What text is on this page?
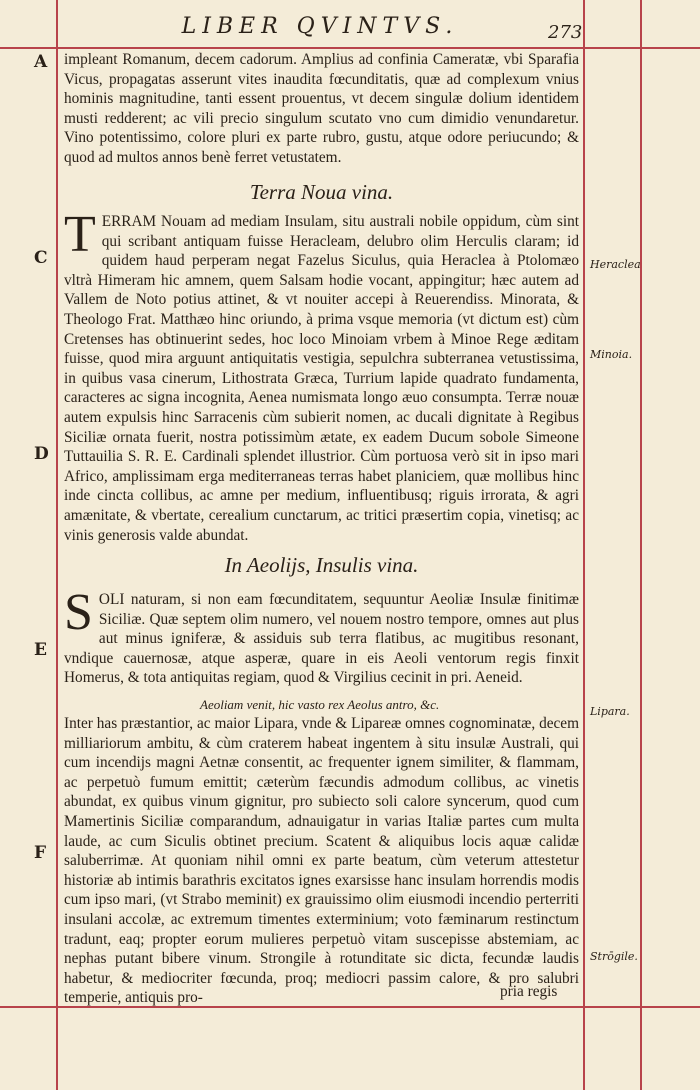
LIBER QVINTVS.	273
A
C
D
E
F
Heraclea
Minoia.
Lipara.
Strōgile.
impleant Romanum, decem cadorum. Amplius ad confinia Cameratæ, vbi Sparafia Vicus, propagatas asserunt vites inaudita fœcunditatis, quæ ad complexum vnius hominis magnitudine, tanti essent prouentus, vt decem singulæ dolium identidem musti redderent; ac vili precio singulum scutato vno cum dimidio venundaretur. Vino potentissimo, colore pluri ex parte rubro, gustu, atque odore periucundo; & quod ad multos annos benè ferret vetustatem.
Terra Noua vina.
TERRAM Nouam ad mediam Insulam, situ australi nobile oppidum, cùm sint qui scribant antiquam fuisse Heracleam, delubro olim Herculis claram; id quidem haud perperam negat Fazelus Siculus, quia Heraclea à Ptolomæo vltrà Himeram hic amnem, quem Salsam hodie vocant, appingitur; hæc autem ad Vallem de Noto potius attinet, & vt nouiter accepi à Reuerendiss. Minorata, & Theologo Frat. Matthæo hinc oriundo, à prima vsque memoria (vt dictum est) cùm Cretenses has obtinuerint sedes, hoc loco Minoiam vrbem à Minoe Rege æditam fuisse, quod mira arguunt antiquitatis vestigia, sepulchra subterranea vetustissima, in quibus vasa cinerum, Lithostrata Græca, Turrium lapide quadrato fundamenta, caracteres ac signa incognita, Aenea numismata longo æuo consumpta. Terræ nouæ autem expulsis hinc Sarracenis cùm subierit nomen, ac ducali dignitate à Regibus Siciliæ ornata fuerit, nostra potissimùm ætate, ex eadem Ducum sobole Simeone Tuttauilia S. R. E. Cardinali splendet illustrior. Cùm portuosa verò sit in ipso mari Africo, amplissimam erga mediterraneas terras habet planiciem, quæ mollibus hinc inde cincta collibus, ac amne per medium, influentibusq; riguis irrorata, & agri amænitate, & vbertate, cerealium cunctarum, ac tritici præsertim copia, vinetisq; ac vinis generosis valde abundat.
In Aeolijs, Insulis vina.
SOLI naturam, si non eam fœcunditatem, sequuntur Aeoliæ Insulæ finitimæ Siciliæ. Quæ septem olim numero, vel nouem nostro tempore, omnes aut plus aut minus igniferæ, & assiduis sub terra flatibus, ac mugitibus resonant, vndique cauernosæ, atque asperæ, quare in eis Aeoli ventorum regis finxit Homerus, & tota antiquitas regiam, quod & Virgilius cecinit in pri. Aeneid.
Aeoliam venit, hic vasto rex Aeolus antro, &c.
Inter has præstantior, ac maior Lipara, vnde & Lipareæ omnes cognominatæ, decem milliariorum ambitu, & cùm craterem habeat ingentem à situ insulæ Australi, qui cum incendijs magni Aetnæ consentit, ac frequenter ignem similiter, & flammam, ac perpetuò fumum emittit; cæterùm fæcundis admodum collibus, ac vinetis abundat, ex quibus vinum gignitur, pro subiecto soli calore syncerum, quod cum Mamertinis Siciliæ comparandum, adnauigatur in varias Italiæ partes cum multa laude, ac cum Siculis obtinet precium. Scatent & aliquibus locis aquæ calidæ saluberrimæ. At quoniam nihil omni ex parte beatum, cùm veterum attestetur historiæ ab intimis barathris excitatos ignes exarsisse hanc insulam horrendis modis cum ipso mari, (vt Strabo meminit) ex grauissimo olim eiusmodi incendio perterriti insulani accolæ, ac extremum timentes exterminium; voto fæminarum restinctum tradunt, eaq; propter eorum mulieres perpetuò vitam suscepisse abstemiam, ac nephas putant bibere vinum. Strongile à rotunditate sic dicta, fecundæ laudis habetur, & mediocriter fœcunda, proq; mediocri passim calore, & pro salubri temperie, antiquis pro-	pria regis
